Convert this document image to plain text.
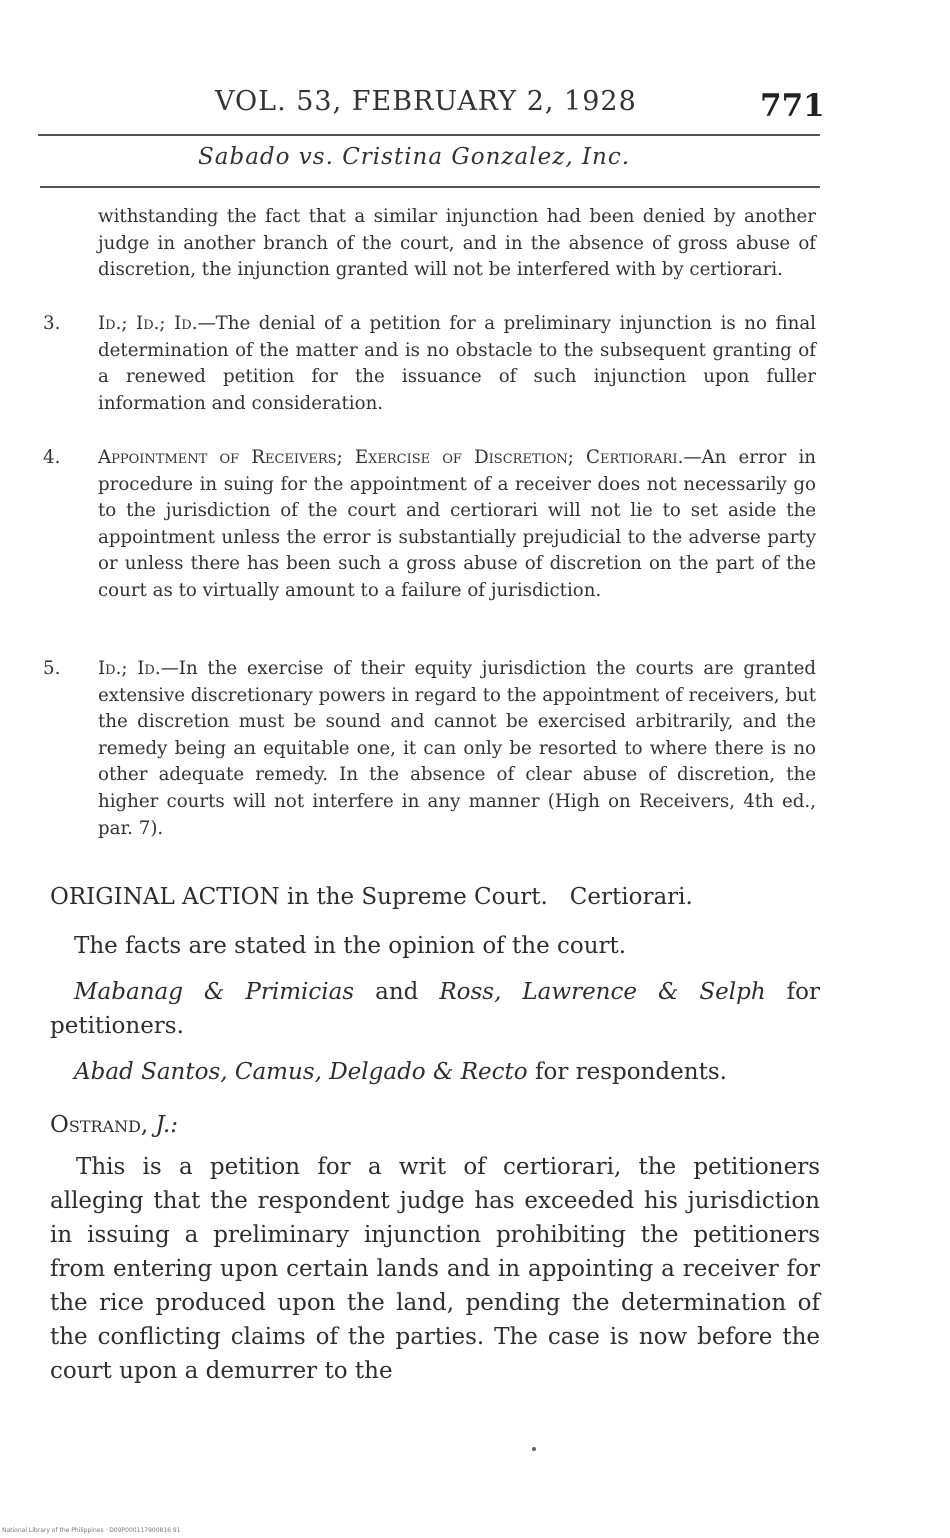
VOL. 53, FEBRUARY 2, 1928	771
Sabado vs. Cristina Gonzalez, Inc.
withstanding the fact that a similar injunction had been denied by another judge in another branch of the court, and in the absence of gross abuse of discretion, the injunction granted will not be interfered with by certiorari.
3. Id.; Id.; Id.—The denial of a petition for a preliminary injunction is no final determination of the matter and is no obstacle to the subsequent granting of a renewed petition for the issuance of such injunction upon fuller information and consideration.
4. Appointment of Receivers; Exercise of Discretion; Certiorari.—An error in procedure in suing for the appointment of a receiver does not necessarily go to the jurisdiction of the court and certiorari will not lie to set aside the appointment unless the error is substantially prejudicial to the adverse party or unless there has been such a gross abuse of discretion on the part of the court as to virtually amount to a failure of jurisdiction.
5. Id.; Id.—In the exercise of their equity jurisdiction the courts are granted extensive discretionary powers in regard to the appointment of receivers, but the discretion must be sound and cannot be exercised arbitrarily, and the remedy being an equitable one, it can only be resorted to where there is no other adequate remedy. In the absence of clear abuse of discretion, the higher courts will not interfere in any manner (High on Receivers, 4th ed., par. 7).
ORIGINAL ACTION in the Supreme Court. Certiorari.
The facts are stated in the opinion of the court.
Mabanag & Primicias and Ross, Lawrence & Selph for petitioners.
Abad Santos, Camus, Delgado & Recto for respondents.
Ostrand, J.:
This is a petition for a writ of certiorari, the petitioners alleging that the respondent judge has exceeded his jurisdiction in issuing a preliminary injunction prohibiting the petitioners from entering upon certain lands and in appointing a receiver for the rice produced upon the land, pending the determination of the conflicting claims of the parties. The case is now before the court upon a demurrer to the
National Library of the Philippines · D09P000117900816 91
